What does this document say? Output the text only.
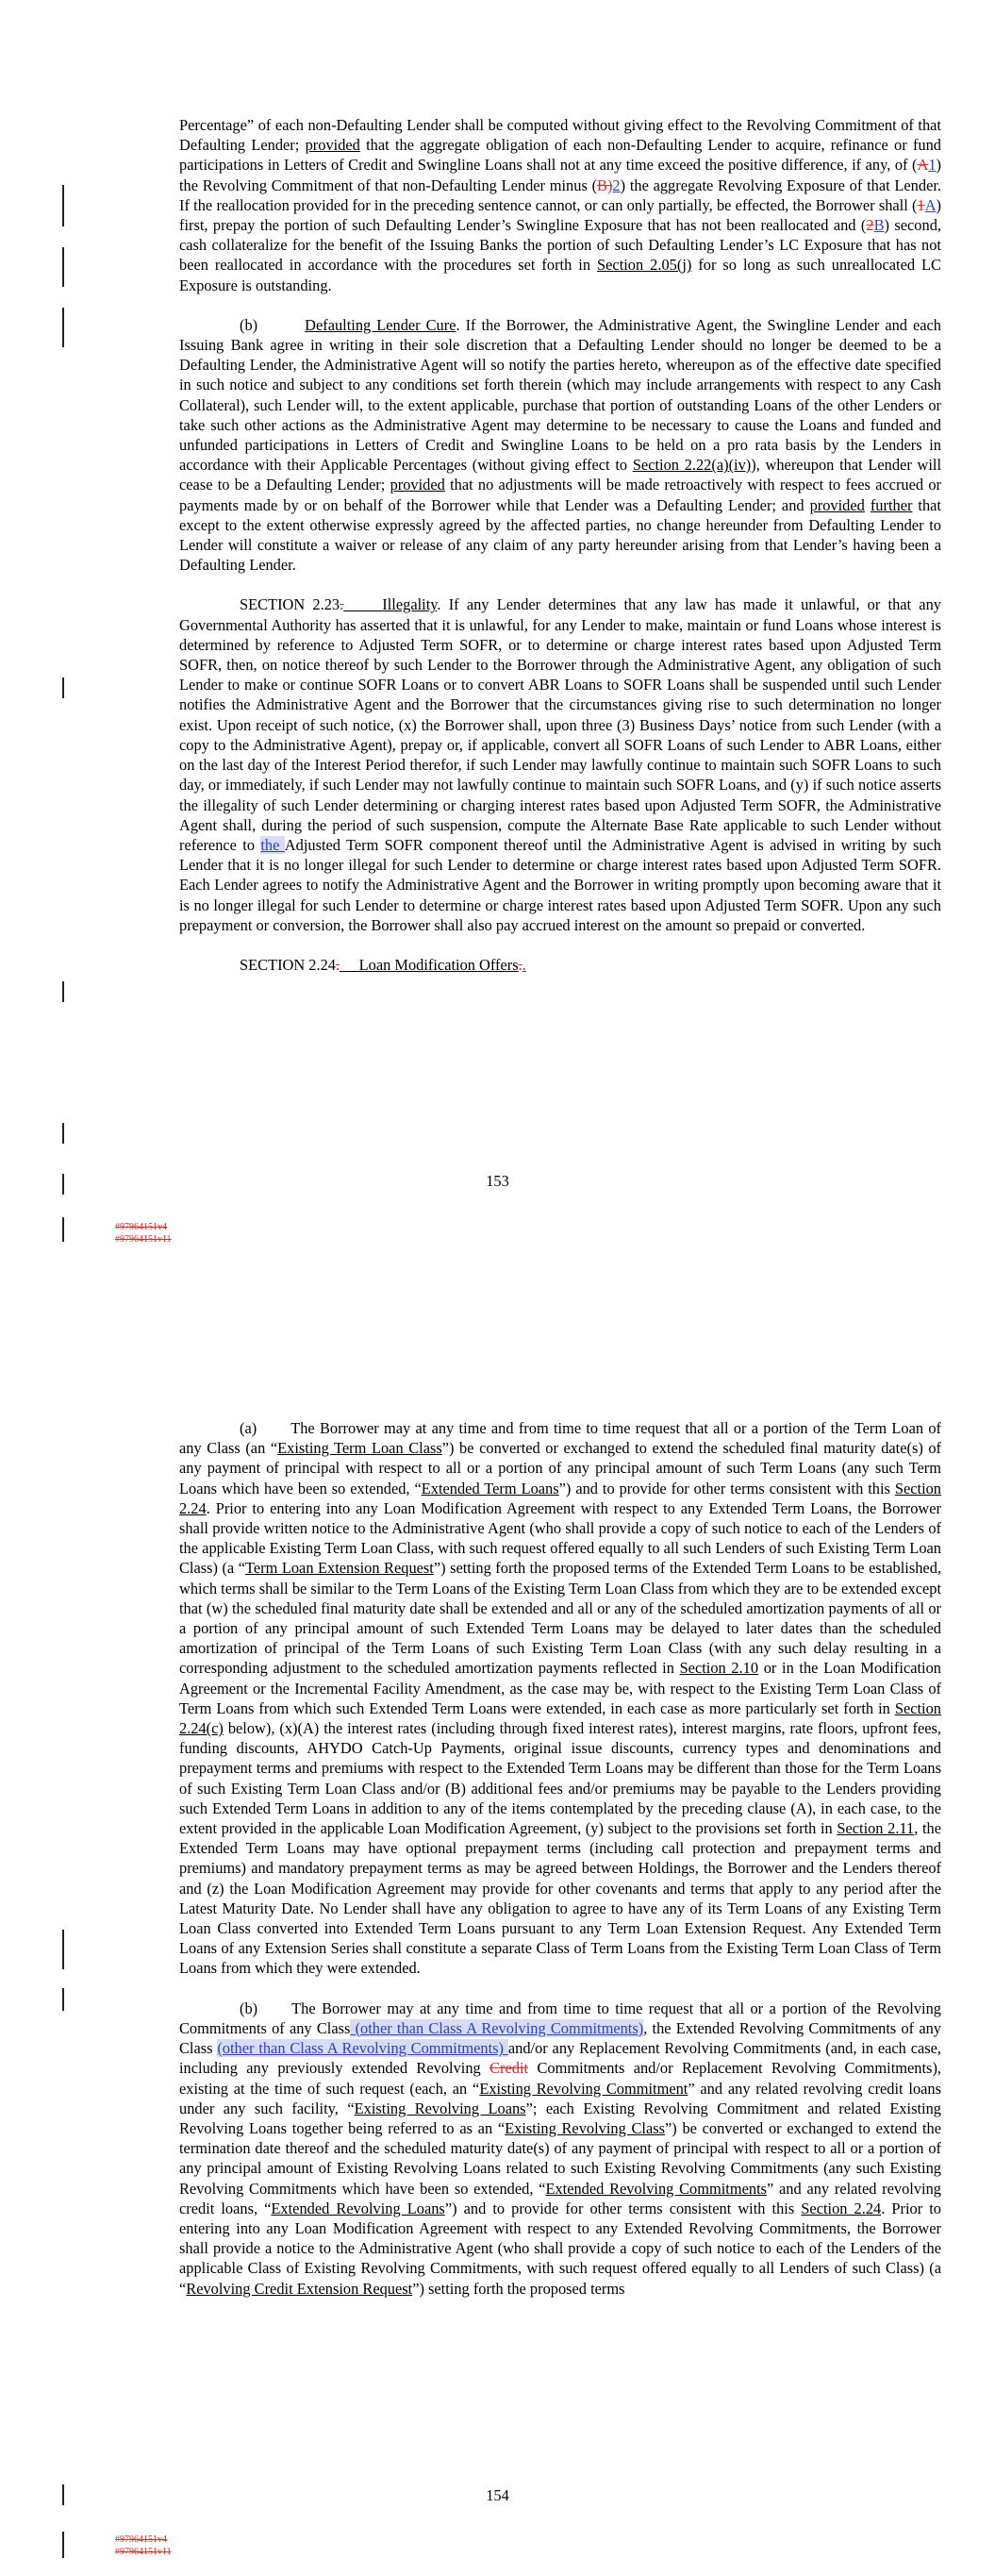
Percentage” of each non-Defaulting Lender shall be computed without giving effect to the Revolving Commitment of that Defaulting Lender; provided that the aggregate obligation of each non-Defaulting Lender to acquire, refinance or fund participations in Letters of Credit and Swingline Loans shall not at any time exceed the positive difference, if any, of (A1) the Revolving Commitment of that non-Defaulting Lender minus (B)2) the aggregate Revolving Exposure of that Lender. If the reallocation provided for in the preceding sentence cannot, or can only partially, be effected, the Borrower shall (1A) first, prepay the portion of such Defaulting Lender’s Swingline Exposure that has not been reallocated and (2B) second, cash collateralize for the benefit of the Issuing Banks the portion of such Defaulting Lender’s LC Exposure that has not been reallocated in accordance with the procedures set forth in Section 2.05(j) for so long as such unreallocated LC Exposure is outstanding.

(b)	Defaulting Lender Cure. If the Borrower, the Administrative Agent, the Swingline Lender and each Issuing Bank agree in writing in their sole discretion that a Defaulting Lender should no longer be deemed to be a Defaulting Lender, the Administrative Agent will so notify the parties hereto, whereupon as of the effective date specified in such notice and subject to any conditions set forth therein (which may include arrangements with respect to any Cash Collateral), such Lender will, to the extent applicable, purchase that portion of outstanding Loans of the other Lenders or take such other actions as the Administrative Agent may determine to be necessary to cause the Loans and funded and unfunded participations in Letters of Credit and Swingline Loans to be held on a pro rata basis by the Lenders in accordance with their Applicable Percentages (without giving effect to Section 2.22(a)(iv)), whereupon that Lender will cease to be a Defaulting Lender; provided that no adjustments will be made retroactively with respect to fees accrued or payments made by or on behalf of the Borrower while that Lender was a Defaulting Lender; and provided further that except to the extent otherwise expressly agreed by the affected parties, no change hereunder from Defaulting Lender to Lender will constitute a waiver or release of any claim of any party hereunder arising from that Lender’s having been a Defaulting Lender.

SECTION 2.23.	Illegality. If any Lender determines that any law has made it unlawful, or that any Governmental Authority has asserted that it is unlawful, for any Lender to make, maintain or fund Loans whose interest is determined by reference to Adjusted Term SOFR, or to determine or charge interest rates based upon Adjusted Term SOFR, then, on notice thereof by such Lender to the Borrower through the Administrative Agent, any obligation of such Lender to make or continue SOFR Loans or to convert ABR Loans to SOFR Loans shall be suspended until such Lender notifies the Administrative Agent and the Borrower that the circumstances giving rise to such determination no longer exist. Upon receipt of such notice, (x) the Borrower shall, upon three (3) Business Days’ notice from such Lender (with a copy to the Administrative Agent), prepay or, if applicable, convert all SOFR Loans of such Lender to ABR Loans, either on the last day of the Interest Period therefor, if such Lender may lawfully continue to maintain such SOFR Loans to such day, or immediately, if such Lender may not lawfully continue to maintain such SOFR Loans, and (y) if such notice asserts the illegality of such Lender determining or charging interest rates based upon Adjusted Term SOFR, the Administrative Agent shall, during the period of such suspension, compute the Alternate Base Rate applicable to such Lender without reference to the Adjusted Term SOFR component thereof until the Administrative Agent is advised in writing by such Lender that it is no longer illegal for such Lender to determine or charge interest rates based upon Adjusted Term SOFR. Each Lender agrees to notify the Administrative Agent and the Borrower in writing promptly upon becoming aware that it is no longer illegal for such Lender to determine or charge interest rates based upon Adjusted Term SOFR. Upon any such prepayment or conversion, the Borrower shall also pay accrued interest on the amount so prepaid or converted.

SECTION 2.24. Loan Modification Offers..

153
#97964151v4
#97964151v11

(a) The Borrower may at any time and from time to time request that all or a portion of the Term Loan of any Class (an “Existing Term Loan Class”) be converted or exchanged to extend the scheduled final maturity date(s) of any payment of principal with respect to all or a portion of any principal amount of such Term Loans (any such Term Loans which have been so extended, “Extended Term Loans”) and to provide for other terms consistent with this Section 2.24. Prior to entering into any Loan Modification Agreement with respect to any Extended Term Loans, the Borrower shall provide written notice to the Administrative Agent (who shall provide a copy of such notice to each of the Lenders of the applicable Existing Term Loan Class, with such request offered equally to all such Lenders of such Existing Term Loan Class) (a “Term Loan Extension Request”) setting forth the proposed terms of the Extended Term Loans to be established, which terms shall be similar to the Term Loans of the Existing Term Loan Class from which they are to be extended except that (w) the scheduled final maturity date shall be extended and all or any of the scheduled amortization payments of all or a portion of any principal amount of such Extended Term Loans may be delayed to later dates than the scheduled amortization of principal of the Term Loans of such Existing Term Loan Class (with any such delay resulting in a corresponding adjustment to the scheduled amortization payments reflected in Section 2.10 or in the Loan Modification Agreement or the Incremental Facility Amendment, as the case may be, with respect to the Existing Term Loan Class of Term Loans from which such Extended Term Loans were extended, in each case as more particularly set forth in Section 2.24(c) below), (x)(A) the interest rates (including through fixed interest rates), interest margins, rate floors, upfront fees, funding discounts, AHYDO Catch-Up Payments, original issue discounts, currency types and denominations and prepayment terms and premiums with respect to the Extended Term Loans may be different than those for the Term Loans of such Existing Term Loan Class and/or (B) additional fees and/or premiums may be payable to the Lenders providing such Extended Term Loans in addition to any of the items contemplated by the preceding clause (A), in each case, to the extent provided in the applicable Loan Modification Agreement, (y) subject to the provisions set forth in Section 2.11, the Extended Term Loans may have optional prepayment terms (including call protection and prepayment terms and premiums) and mandatory prepayment terms as may be agreed between Holdings, the Borrower and the Lenders thereof and (z) the Loan Modification Agreement may provide for other covenants and terms that apply to any period after the Latest Maturity Date. No Lender shall have any obligation to agree to have any of its Term Loans of any Existing Term Loan Class converted into Extended Term Loans pursuant to any Term Loan Extension Request. Any Extended Term Loans of any Extension Series shall constitute a separate Class of Term Loans from the Existing Term Loan Class of Term Loans from which they were extended.

(b) The Borrower may at any time and from time to time request that all or a portion of the Revolving Commitments of any Class (other than Class A Revolving Commitments), the Extended Revolving Commitments of any Class (other than Class A Revolving Commitments) and/or any Replacement Revolving Commitments (and, in each case, including any previously extended Revolving Credit Commitments and/or Replacement Revolving Commitments), existing at the time of such request (each, an “Existing Revolving Commitment” and any related revolving credit loans under any such facility, “Existing Revolving Loans”; each Existing Revolving Commitment and related Existing Revolving Loans together being referred to as an “Existing Revolving Class”) be converted or exchanged to extend the termination date thereof and the scheduled maturity date(s) of any payment of principal with respect to all or a portion of any principal amount of Existing Revolving Loans related to such Existing Revolving Commitments (any such Existing Revolving Commitments which have been so extended, “Extended Revolving Commitments” and any related revolving credit loans, “Extended Revolving Loans”) and to provide for other terms consistent with this Section 2.24. Prior to entering into any Loan Modification Agreement with respect to any Extended Revolving Commitments, the Borrower shall provide a notice to the Administrative Agent (who shall provide a copy of such notice to each of the Lenders of the applicable Class of Existing Revolving Commitments, with such request offered equally to all Lenders of such Class) (a “Revolving Credit Extension Request”) setting forth the proposed terms

154
#97964151v4
#97964151v11
